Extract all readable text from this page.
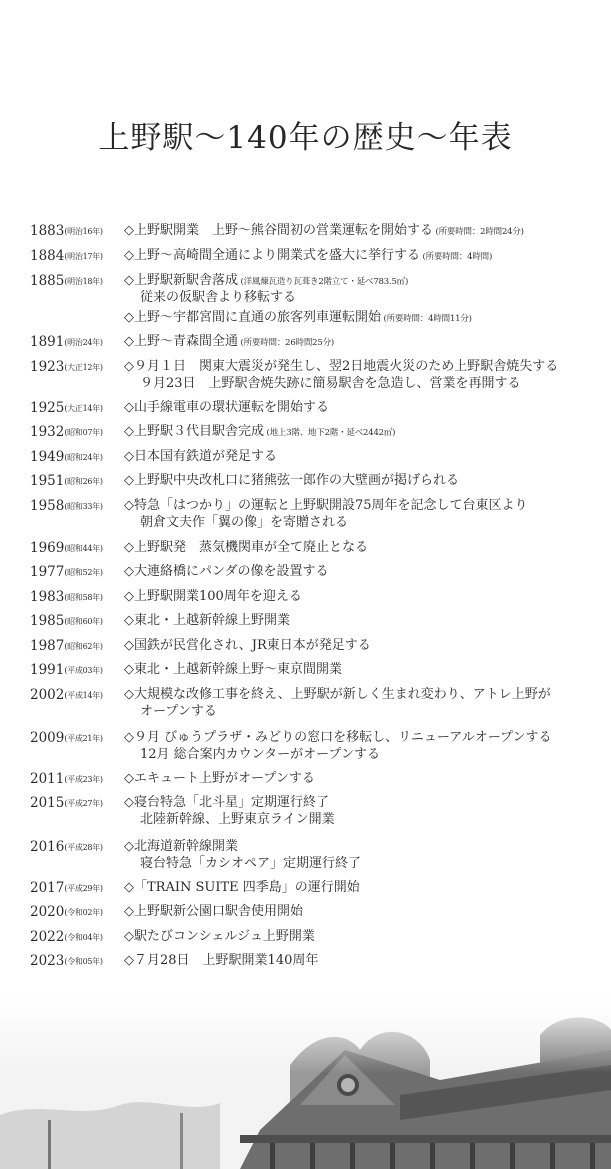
上野駅〜140年の歴史〜年表
1883(明治16年) ◇上野駅開業　上野〜熊谷間初の営業運転を開始する (所要時間：2時間24分)
1884(明治17年) ◇上野〜高崎間全通により開業式を盛大に挙行する (所要時間：4時間)
1885(明治18年) ◇上野駅新駅舎落成 (洋風煉瓦造り瓦葺き2階立て・延べ783.5㎡)
従来の仮駅舎より移転する
◇上野〜宇都宮間に直通の旅客列車運転開始 (所要時間：4時間11分)
1891(明治24年) ◇上野〜青森間全通 (所要時間：26時間25分)
1923(大正12年) ◇９月１日　関東大震災が発生し、翌2日地震火災のため上野駅舎焼失する
９月23日　上野駅舎焼失跡に簡易駅舎を急造し、営業を再開する
1925(大正14年) ◇山手線電車の環状運転を開始する
1932(昭和07年) ◇上野駅３代目駅舎完成 (地上3階、地下2階・延べ2442㎡)
1949(昭和24年) ◇日本国有鉄道が発足する
1951(昭和26年) ◇上野駅中央改札口に猪熊弦一郎作の大壁画が掲げられる
1958(昭和33年) ◇特急「はつかり」の運転と上野駅開設75周年を記念して台東区より
朝倉文夫作「翼の像」を寄贈される
1969(昭和44年) ◇上野駅発　蒸気機関車が全て廃止となる
1977(昭和52年) ◇大連絡橋にパンダの像を設置する
1983(昭和58年) ◇上野駅開業100周年を迎える
1985(昭和60年) ◇東北・上越新幹線上野開業
1987(昭和62年) ◇国鉄が民営化され、JR東日本が発足する
1991(平成03年) ◇東北・上越新幹線上野〜東京間開業
2002(平成14年) ◇大規模な改修工事を終え、上野駅が新しく生まれ変わり、アトレ上野が
オープンする
2009(平成21年) ◇９月 びゅうプラザ・みどりの窓口を移転し、リニューアルオープンする
12月 総合案内カウンターがオープンする
2011(平成23年) ◇エキュート上野がオープンする
2015(平成27年) ◇寝台特急「北斗星」定期運行終了
北陸新幹線、上野東京ライン開業
2016(平成28年) ◇北海道新幹線開業
寝台特急「カシオペア」定期運行終了
2017(平成29年) ◇「TRAIN SUITE 四季島」の運行開始
2020(令和02年) ◇上野駅新公園口駅舎使用開始
2022(令和04年) ◇駅たびコンシェルジュ上野開業
2023(令和05年) ◇７月28日　上野駅開業140周年
